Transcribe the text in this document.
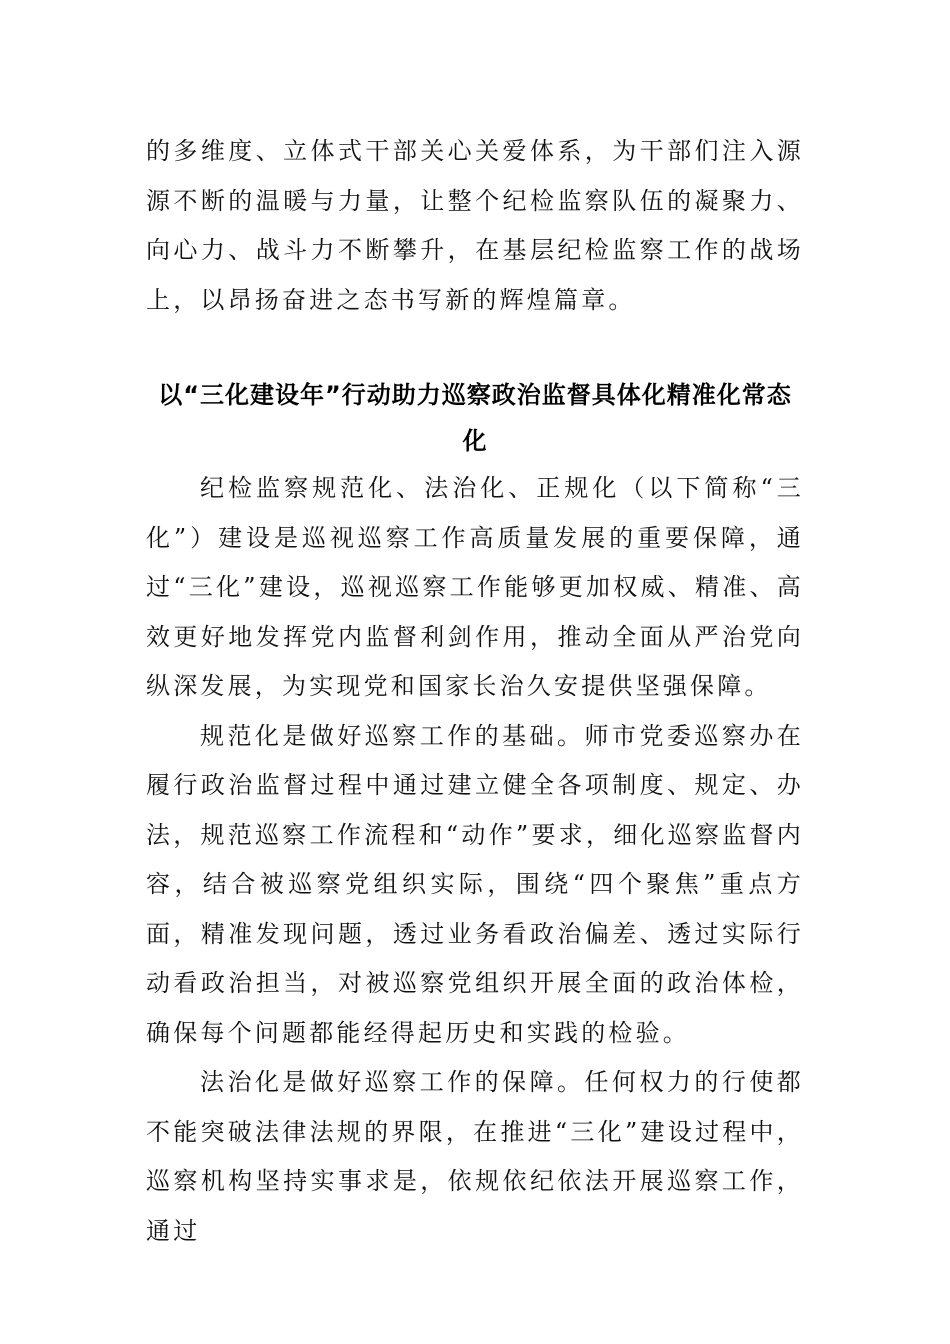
的多维度、立体式干部关心关爱体系，为干部们注入源源不断的温暖与力量，让整个纪检监察队伍的凝聚力、向心力、战斗力不断攀升，在基层纪检监察工作的战场上，以昂扬奋进之态书写新的辉煌篇章。

以“三化建设年”行动助力巡察政治监督具体化精准化常态化

纪检监察规范化、法治化、正规化（以下简称“三化”）建设是巡视巡察工作高质量发展的重要保障，通过“三化”建设，巡视巡察工作能够更加权威、精准、高效更好地发挥党内监督利剑作用，推动全面从严治党向纵深发展，为实现党和国家长治久安提供坚强保障。

规范化是做好巡察工作的基础。师市党委巡察办在履行政治监督过程中通过建立健全各项制度、规定、办法，规范巡察工作流程和“动作”要求，细化巡察监督内容，结合被巡察党组织实际，围绕“四个聚焦”重点方面，精准发现问题，透过业务看政治偏差、透过实际行动看政治担当，对被巡察党组织开展全面的政治体检，确保每个问题都能经得起历史和实践的检验。

法治化是做好巡察工作的保障。任何权力的行使都不能突破法律法规的界限，在推进“三化”建设过程中，巡察机构坚持实事求是，依规依纪依法开展巡察工作，通过
